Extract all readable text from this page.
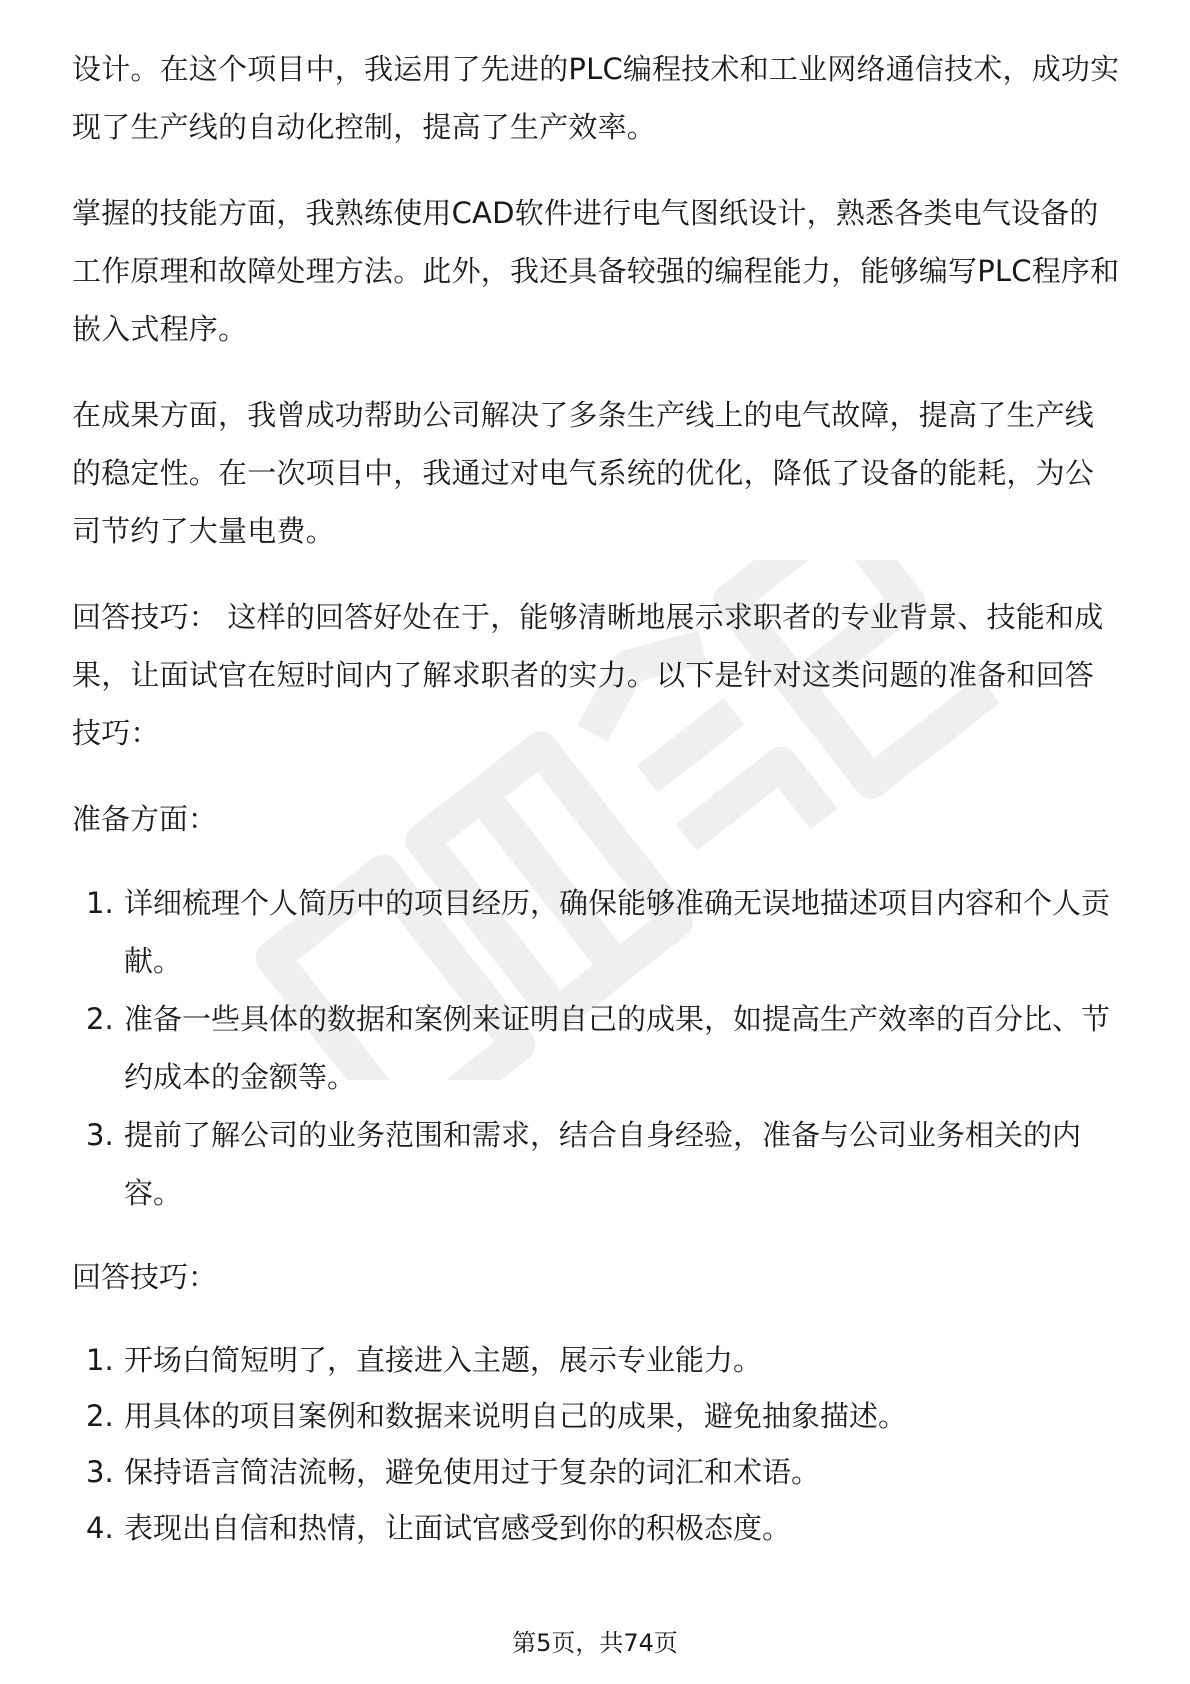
设计。在这个项目中，我运用了先进的PLC编程技术和工业网络通信技术，成功实现了生产线的自动化控制，提高了生产效率。

掌握的技能方面，我熟练使用CAD软件进行电气图纸设计，熟悉各类电气设备的工作原理和故障处理方法。此外，我还具备较强的编程能力，能够编写PLC程序和嵌入式程序。

在成果方面，我曾成功帮助公司解决了多条生产线上的电气故障，提高了生产线的稳定性。在一次项目中，我通过对电气系统的优化，降低了设备的能耗，为公司节约了大量电费。

回答技巧： 这样的回答好处在于，能够清晰地展示求职者的专业背景、技能和成果，让面试官在短时间内了解求职者的实力。以下是针对这类问题的准备和回答技巧：

准备方面：
1. 详细梳理个人简历中的项目经历，确保能够准确无误地描述项目内容和个人贡献。
2. 准备一些具体的数据和案例来证明自己的成果，如提高生产效率的百分比、节约成本的金额等。
3. 提前了解公司的业务范围和需求，结合自身经验，准备与公司业务相关的内容。
回答技巧：
1. 开场白简短明了，直接进入主题，展示专业能力。
2. 用具体的项目案例和数据来说明自己的成果，避免抽象描述。
3. 保持语言简洁流畅，避免使用过于复杂的词汇和术语。
4. 表现出自信和热情，让面试官感受到你的积极态度。
第5页，共74页
